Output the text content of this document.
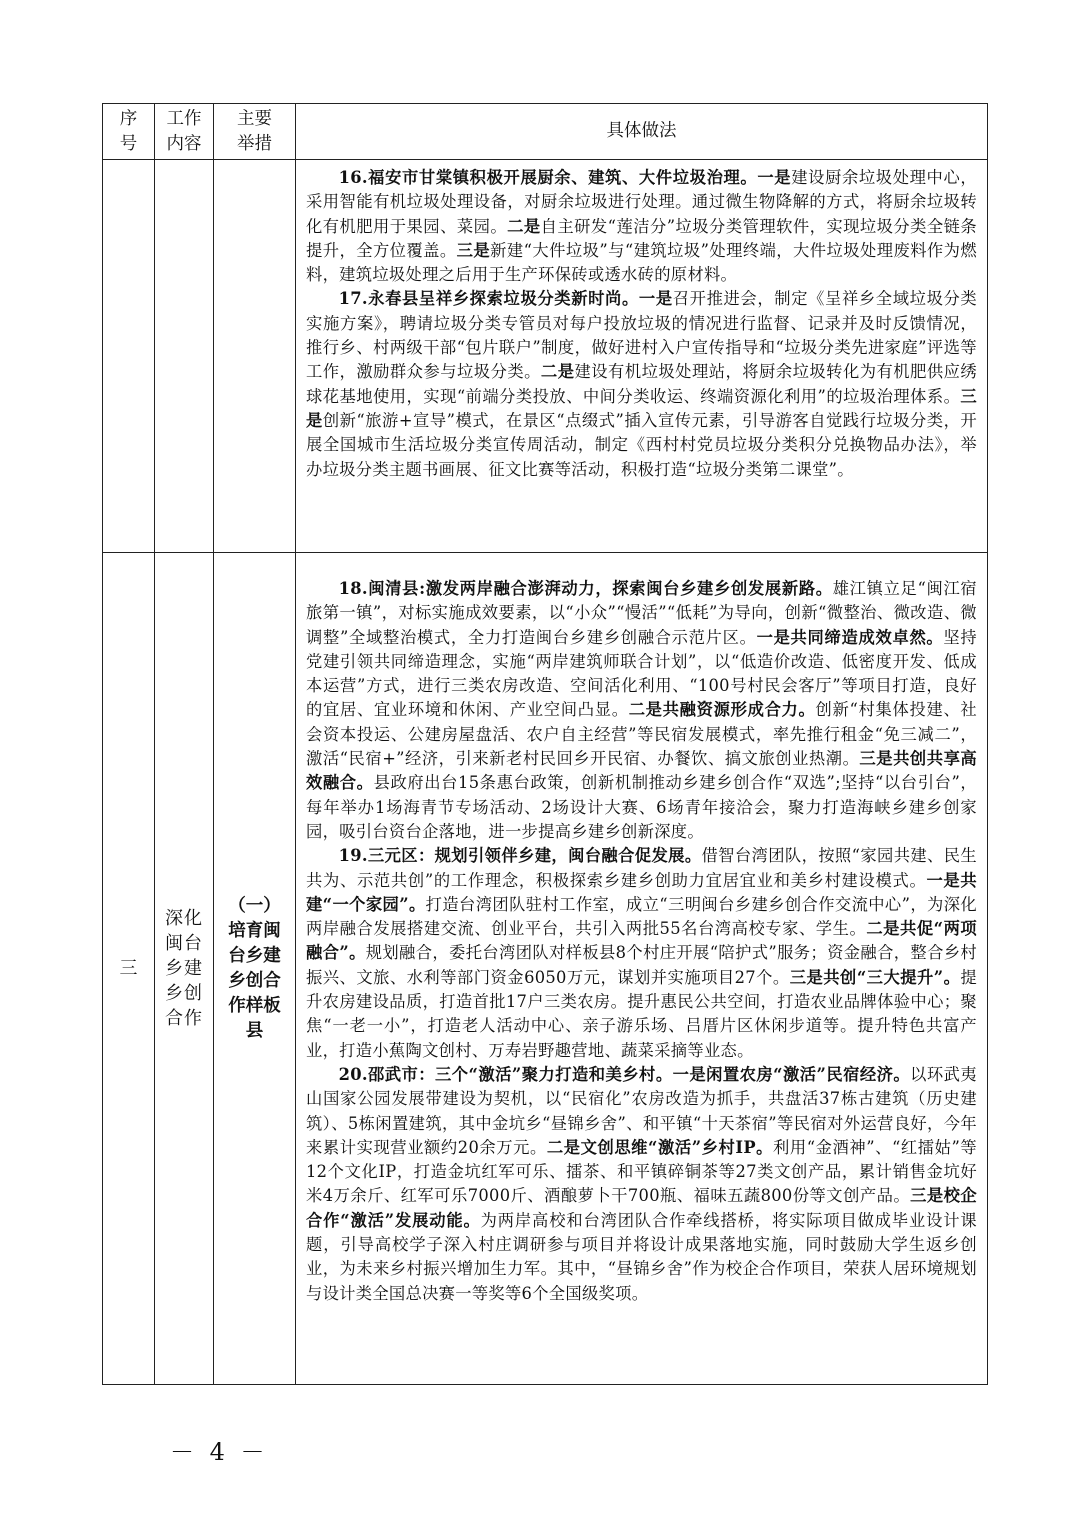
序号	工作内容	主要举措	具体做法

			16.福安市甘棠镇积极开展厨余、建筑、大件垃圾治理。一是建设厨余垃圾处理中心，采用智能有机垃圾处理设备，对厨余垃圾进行处理。通过微生物降解的方式，将厨余垃圾转化有机肥用于果园、菜园。二是自主研发“莲洁分”垃圾分类管理软件，实现垃圾分类全链条提升，全方位覆盖。三是新建“大件垃圾”与“建筑垃圾”处理终端，大件垃圾处理废料作为燃料，建筑垃圾处理之后用于生产环保砖或透水砖的原材料。

17.永春县呈祥乡探索垃圾分类新时尚。一是召开推进会，制定《呈祥乡全域垃圾分类实施方案》，聘请垃圾分类专管员对每户投放垃圾的情况进行监督、记录并及时反馈情况，推行乡、村两级干部“包片联户”制度，做好进村入户宣传指导和“垃圾分类先进家庭”评选等工作，激励群众参与垃圾分类。二是建设有机垃圾处理站，将厨余垃圾转化为有机肥供应绣球花基地使用，实现“前端分类投放、中间分类收运、终端资源化利用”的垃圾治理体系。三是创新“旅游+宣导”模式，在景区“点缀式”插入宣传元素，引导游客自觉践行垃圾分类，开展全国城市生活垃圾分类宣传周活动，制定《西村村党员垃圾分类积分兑换物品办法》，举办垃圾分类主题书画展、征文比赛等活动，积极打造“垃圾分类第二课堂”。

三	深化闽台乡建乡创合作	（一）培育闽台乡建乡创合作样板县	18.闽清县:激发两岸融合澎湃动力，探索闽台乡建乡创发展新路。雄江镇立足“闽江宿旅第一镇”，对标实施成效要素，以“小众”“慢活”“低耗”为导向，创新“微整治、微改造、微调整”全域整治模式，全力打造闽台乡建乡创融合示范片区。一是共同缔造成效卓然。坚持党建引领共同缔造理念，实施“两岸建筑师联合计划”，以“低造价改造、低密度开发、低成本运营”方式，进行三类农房改造、空间活化利用、“100号村民会客厅”等项目打造，良好的宜居、宜业环境和休闲、产业空间凸显。二是共融资源形成合力。创新“村集体投建、社会资本投运、公建房屋盘活、农户自主经营”等民宿发展模式，率先推行租金“免三减二”，激活“民宿+”经济，引来新老村民回乡开民宿、办餐饮、搞文旅创业热潮。三是共创共享高效融合。县政府出台15条惠台政策，创新机制推动乡建乡创合作“双选”;坚持“以台引台”，每年举办1场海青节专场活动、2场设计大赛、6场青年接洽会，聚力打造海峡乡建乡创家园，吸引台资台企落地，进一步提高乡建乡创新深度。

19.三元区：规划引领伴乡建，闽台融合促发展。借智台湾团队，按照“家园共建、民生共为、示范共创”的工作理念，积极探索乡建乡创助力宜居宜业和美乡村建设模式。一是共建“一个家园”。打造台湾团队驻村工作室，成立“三明闽台乡建乡创合作交流中心”，为深化两岸融合发展搭建交流、创业平台，共引入两批55名台湾高校专家、学生。二是共促“两项融合”。规划融合，委托台湾团队对样板县8个村庄开展“陪护式”服务；资金融合，整合乡村振兴、文旅、水利等部门资金6050万元，谋划并实施项目27个。三是共创“三大提升”。提升农房建设品质，打造首批17户三类农房。提升惠民公共空间，打造农业品牌体验中心；聚焦“一老一小”，打造老人活动中心、亲子游乐场、吕厝片区休闲步道等。提升特色共富产业，打造小蕉陶文创村、万寿岩野趣营地、蔬菜采摘等业态。

20.邵武市：三个“激活”聚力打造和美乡村。一是闲置农房“激活”民宿经济。以环武夷山国家公园发展带建设为契机，以“民宿化”农房改造为抓手，共盘活37栋古建筑（历史建筑）、5栋闲置建筑，其中金坑乡“昼锦乡舍”、和平镇“十天茶宿”等民宿对外运营良好，今年来累计实现营业额约20余万元。二是文创思维“激活”乡村IP。利用“金酒神”、“红擂姑”等12个文化IP，打造金坑红军可乐、擂茶、和平镇碎铜茶等27类文创产品，累计销售金坑好米4万余斤、红军可乐7000斤、酒酿萝卜干700瓶、福味五蔬800份等文创产品。三是校企合作“激活”发展动能。为两岸高校和台湾团队合作牵线搭桥，将实际项目做成毕业设计课题，引导高校学子深入村庄调研参与项目并将设计成果落地实施，同时鼓励大学生返乡创业，为未来乡村振兴增加生力军。其中，“昼锦乡舍”作为校企合作项目，荣获人居环境规划与设计类全国总决赛一等奖等6个全国级奖项。

－ 4 －
